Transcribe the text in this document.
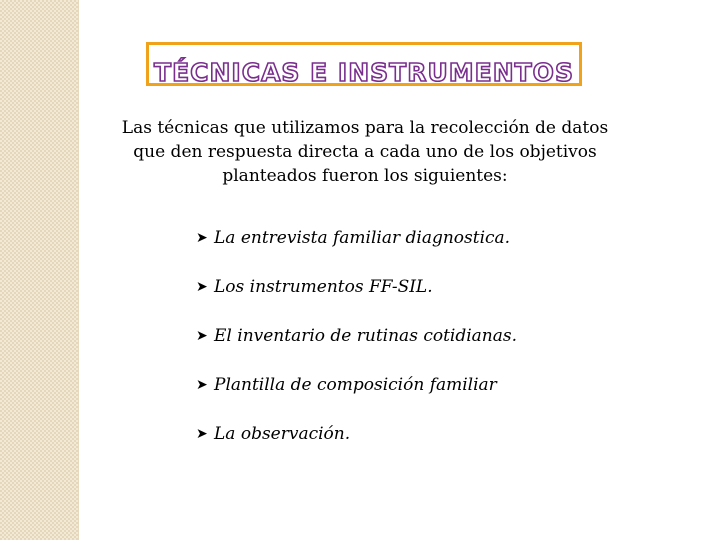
TÉCNICAS E INSTRUMENTOS
Las técnicas que utilizamos para la recolección de datos que den respuesta directa a cada uno de los objetivos planteados fueron los siguientes:
➤ La entrevista familiar diagnostica.
➤ Los instrumentos FF-SIL.
➤ El inventario de rutinas cotidianas.
➤ Plantilla de composición familiar
➤ La observación.
